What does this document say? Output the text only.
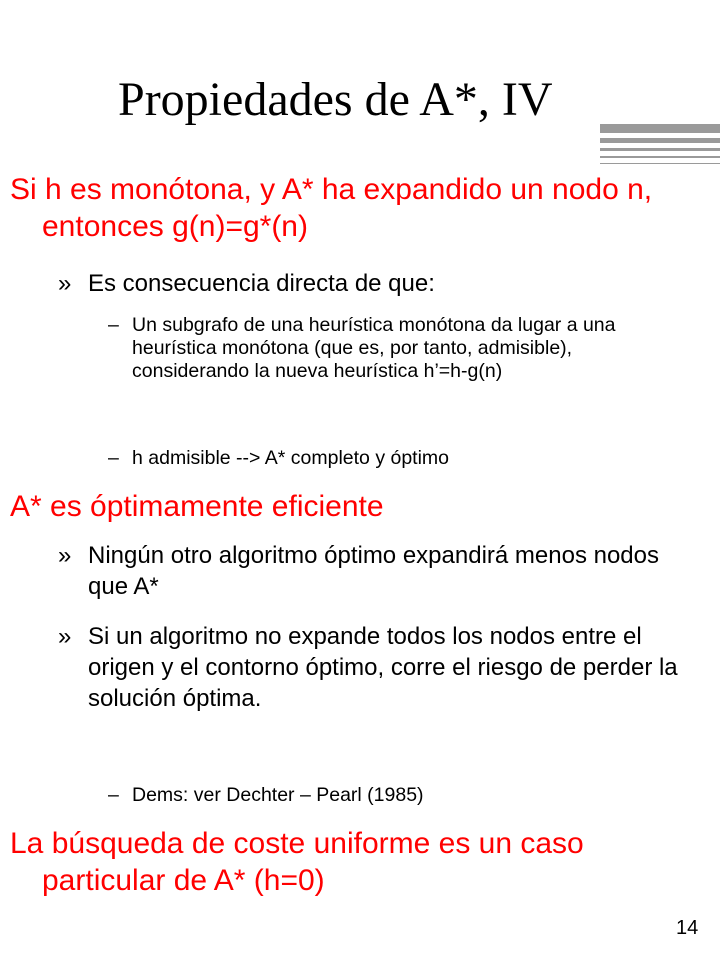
Propiedades de A*, IV
Si h es monótona, y A* ha expandido un nodo n, entonces g(n)=g*(n)
» Es consecuencia directa de que:
– Un subgrafo de una heurística monótona da lugar a una heurística monótona (que es, por tanto, admisible), considerando la nueva heurística h’=h-g(n)
– h admisible --> A* completo y óptimo
A* es óptimamente eficiente
» Ningún otro algoritmo óptimo expandirá menos nodos que A*
» Si un algoritmo no expande todos los nodos entre el origen y el contorno óptimo, corre el riesgo de perder la solución óptima.
– Dems: ver Dechter – Pearl (1985)
La búsqueda de coste uniforme es un caso particular de A* (h=0)
14
